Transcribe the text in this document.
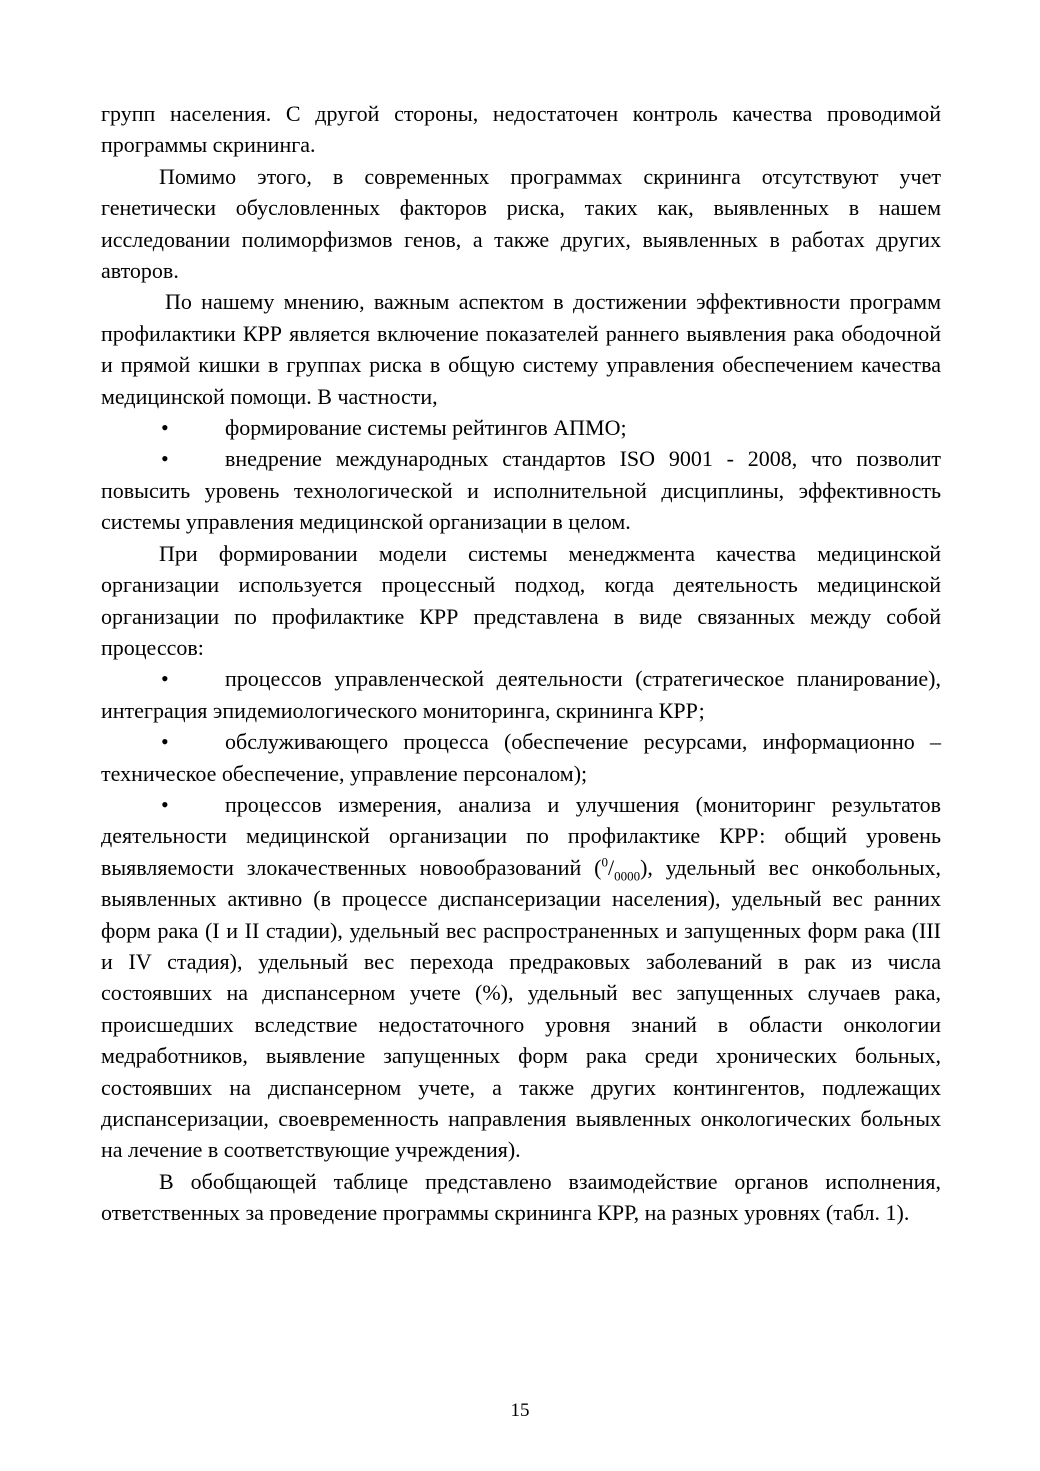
групп населения. С другой стороны, недостаточен контроль качества проводимой программы скрининга.

Помимо этого, в современных программах скрининга отсутствуют учет генетически обусловленных факторов риска, таких как, выявленных в нашем исследовании полиморфизмов генов, а также других, выявленных в работах других авторов.

По нашему мнению, важным аспектом в достижении эффективности программ профилактики КРР является включение показателей раннего выявления рака ободочной и прямой кишки в группах риска в общую систему управления обеспечением качества медицинской помощи. В частности,

•	формирование системы рейтингов АПМО;

•	внедрение международных стандартов ISO 9001 - 2008, что позволит повысить уровень технологической и исполнительной дисциплины, эффективность системы управления медицинской организации в целом.

При формировании модели системы менеджмента качества медицинской организации используется процессный подход, когда деятельность медицинской организации по профилактике КРР представлена в виде связанных между собой процессов:

•	процессов управленческой деятельности (стратегическое планирование), интеграция эпидемиологического мониторинга, скрининга КРР;

•	обслуживающего процесса (обеспечение ресурсами, информационно – техническое обеспечение, управление персоналом);

•	процессов измерения, анализа и улучшения (мониторинг результатов деятельности медицинской организации по профилактике КРР: общий уровень выявляемости злокачественных новообразований $(^0/_{0000})$, удельный вес онкобольных, выявленных активно (в процессе диспансеризации населения), удельный вес ранних форм рака (I и II стадии), удельный вес распространенных и запущенных форм рака (III и IV стадия), удельный вес перехода предраковых заболеваний в рак из числа состоявших на диспансерном учете (%), удельный вес запущенных случаев рака, происшедших вследствие недостаточного уровня знаний в области онкологии медработников, выявление запущенных форм рака среди хронических больных, состоявших на диспансерном учете, а также других контингентов, подлежащих диспансеризации, своевременность направления выявленных онкологических больных на лечение в соответствующие учреждения).

В обобщающей таблице представлено взаимодействие органов исполнения, ответственных за проведение программы скрининга КРР, на разных уровнях (табл. 1).

15
